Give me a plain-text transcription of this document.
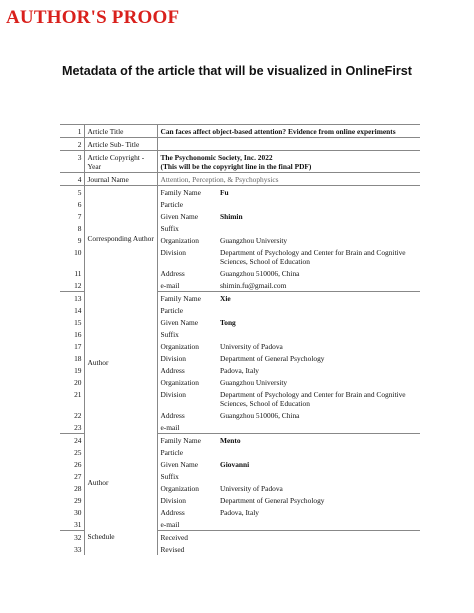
AUTHOR'S PROOF
Metadata of the article that will be visualized in OnlineFirst
1	Article Title	Can faces affect object-based attention? Evidence from online experiments	
2	Article Sub- Title		
3	Article Copyright - Year	The Psychonomic Society, Inc. 2022
(This will be the copyright line in the final PDF)	

4	Journal Name	Attention, Perception, & Psychophysics	
5	Corresponding Author	Family Name	Fu
6		Particle	
7		Given Name	Shimin
8		Suffix	
9		Organization	Guangzhou University
10		Division	Department of Psychology and Center for Brain and Cognitive Sciences, School of Education
11		Address	Guangzhou 510006, China
12		e-mail	shimin.fu@gmail.com
13	Author	Family Name	Xie
14		Particle	
15		Given Name	Tong
16		Suffix	
17		Organization	University of Padova
18		Division	Department of General Psychology
19		Address	Padova, Italy
20		Organization	Guangzhou University
21		Division	Department of Psychology and Center for Brain and Cognitive Sciences, School of Education
22		Address	Guangzhou 510006, China
23		e-mail	
24	Author	Family Name	Mento
25		Particle	
26		Given Name	Giovanni
27		Suffix	
28		Organization	University of Padova
29		Division	Department of General Psychology
30		Address	Padova, Italy
31		e-mail	
32	Schedule	Received	
33		Revised	
